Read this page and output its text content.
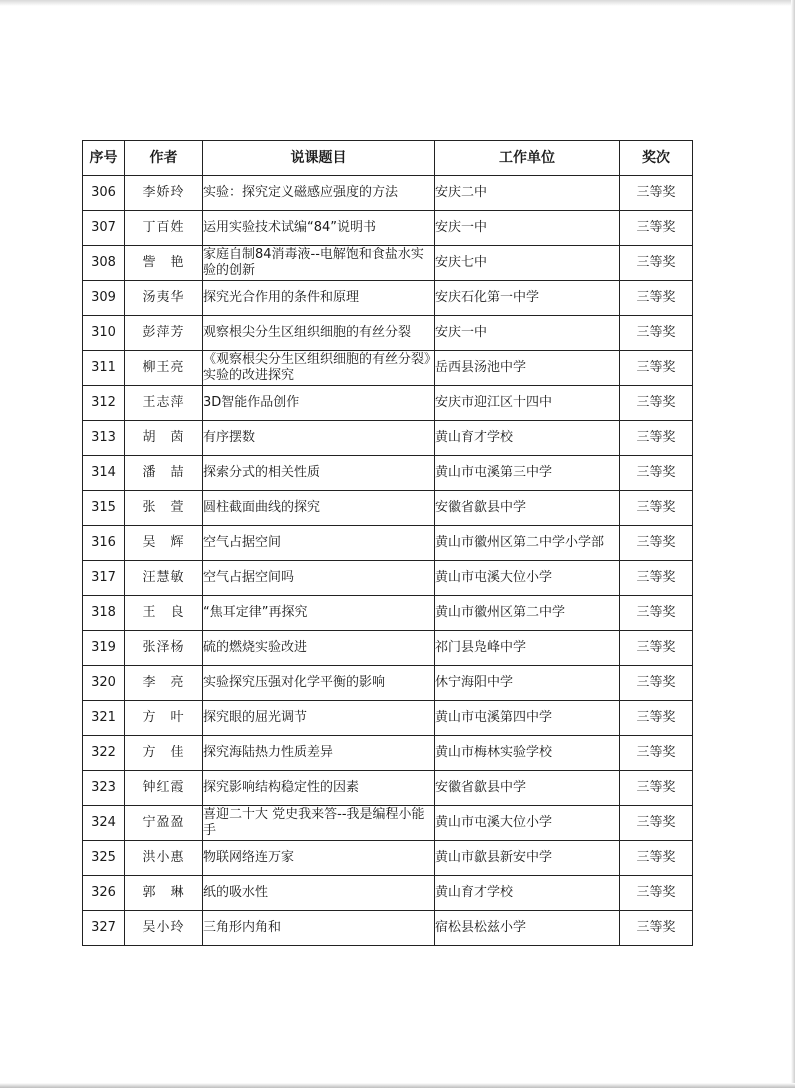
序号	作者	说课题目	工作单位	奖次
306	李娇玲	实验：探究定义磁感应强度的方法	安庆二中	三等奖
307	丁百姓	运用实验技术试编“84”说明书	安庆一中	三等奖
308	訾　艳	家庭自制84消毒液--电解饱和食盐水实验的创新	安庆七中	三等奖
309	汤夷华	探究光合作用的条件和原理	安庆石化第一中学	三等奖
310	彭萍芳	观察根尖分生区组织细胞的有丝分裂	安庆一中	三等奖
311	柳王亮	《观察根尖分生区组织细胞的有丝分裂》实验的改进探究	岳西县汤池中学	三等奖
312	王志萍	3D智能作品创作	安庆市迎江区十四中	三等奖
313	胡　茵	有序摆数	黄山育才学校	三等奖
314	潘　喆	探索分式的相关性质	黄山市屯溪第三中学	三等奖
315	张　萱	圆柱截面曲线的探究	安徽省歙县中学	三等奖
316	吴　辉	空气占据空间	黄山市徽州区第二中学小学部	三等奖
317	汪慧敏	空气占据空间吗	黄山市屯溪大位小学	三等奖
318	王　良	“焦耳定律”再探究	黄山市徽州区第二中学	三等奖
319	张泽杨	硫的燃烧实验改进	祁门县凫峰中学	三等奖
320	李　亮	实验探究压强对化学平衡的影响	休宁海阳中学	三等奖
321	方　叶	探究眼的屈光调节	黄山市屯溪第四中学	三等奖
322	方　佳	探究海陆热力性质差异	黄山市梅林实验学校	三等奖
323	钟红霞	探究影响结构稳定性的因素	安徽省歙县中学	三等奖
324	宁盈盈	喜迎二十大 党史我来答--我是编程小能手	黄山市屯溪大位小学	三等奖
325	洪小惠	物联网络连万家	黄山市歙县新安中学	三等奖
326	郭　琳	纸的吸水性	黄山育才学校	三等奖
327	吴小玲	三角形内角和	宿松县松兹小学	三等奖
